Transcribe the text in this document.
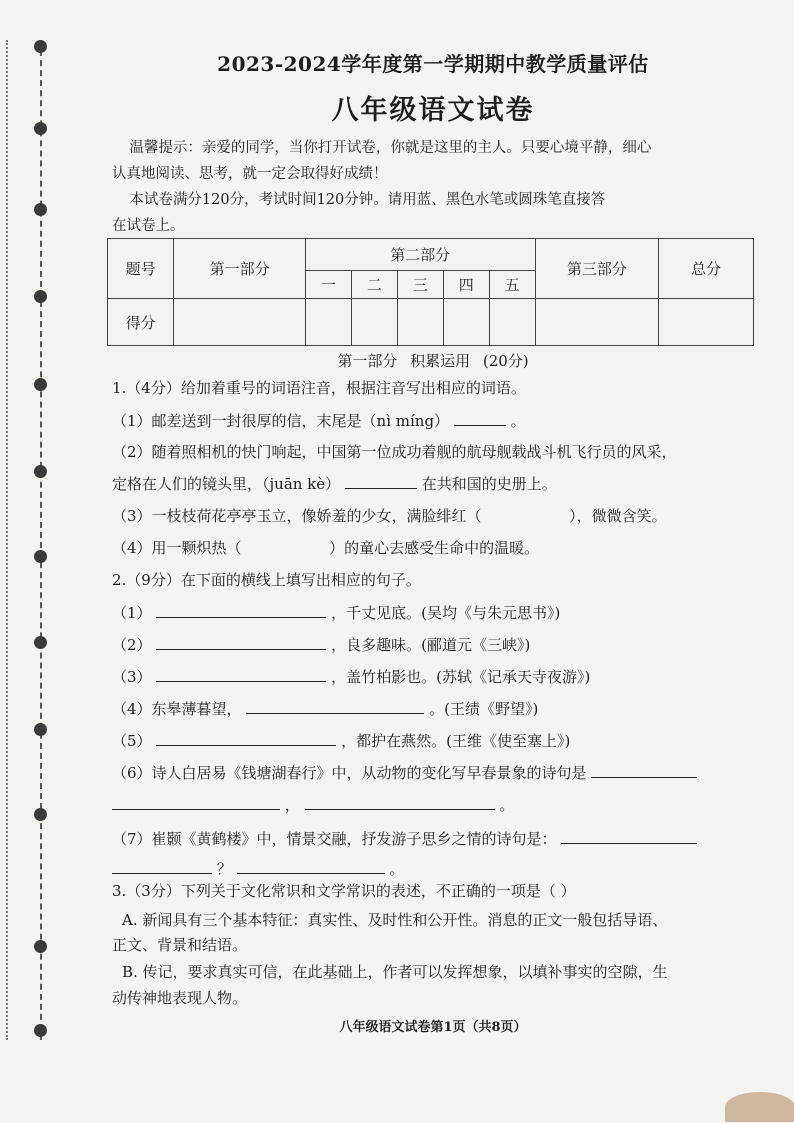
2023-2024学年度第一学期期中教学质量评估
八年级语文试卷
温馨提示：亲爱的同学，当你打开试卷，你就是这里的主人。只要心境平静，细心
认真地阅读、思考，就一定会取得好成绩！
本试卷满分120分，考试时间120分钟。请用蓝、黑色水笔或圆珠笔直接答
在试卷上。
题号	第一部分	第二部分					第三部分	总分
		一	二	三	四	五		
得分								
第一部分 积累运用 (20分)
1.（4分）给加着重号的词语注音，根据注音写出相应的词语。
（1）邮差送到一封很厚的信，末尾是（nì míng）	。
（2）随着照相机的快门响起，中国第一位成功着舰的航母舰载战斗机飞行员的风采，
定格在人们的镜头里，（juān kè）	在共和国的史册上。
（3）一枝枝荷花亭亭玉立，像娇羞的少女，满脸绯红（	），微微含笑。
（4）用一颗炽热（	）的童心去感受生命中的温暖。
2.（9分）在下面的横线上填写出相应的句子。
（1）	，千丈见底。(吴均《与朱元思书》)
（2）	，良多趣味。(郦道元《三峡》)
（3）	，盖竹柏影也。(苏轼《记承天寺夜游》)
（4）东皋薄暮望，	。(王绩《野望》)
（5）	，都护在燕然。(王维《使至塞上》)
（6）诗人白居易《钱塘湖春行》中，从动物的变化写早春景象的诗句是
，	。
（7）崔颢《黄鹤楼》中，情景交融，抒发游子思乡之情的诗句是：
？	。
3.（3分）下列关于文化常识和文学常识的表述，不正确的一项是（ ）
A. 新闻具有三个基本特征：真实性、及时性和公开性。消息的正文一般包括导语、
正文、背景和结语。
B. 传记，要求真实可信，在此基础上，作者可以发挥想象，以填补事实的空隙，生
动传神地表现人物。
八年级语文试卷第1页（共8页）
